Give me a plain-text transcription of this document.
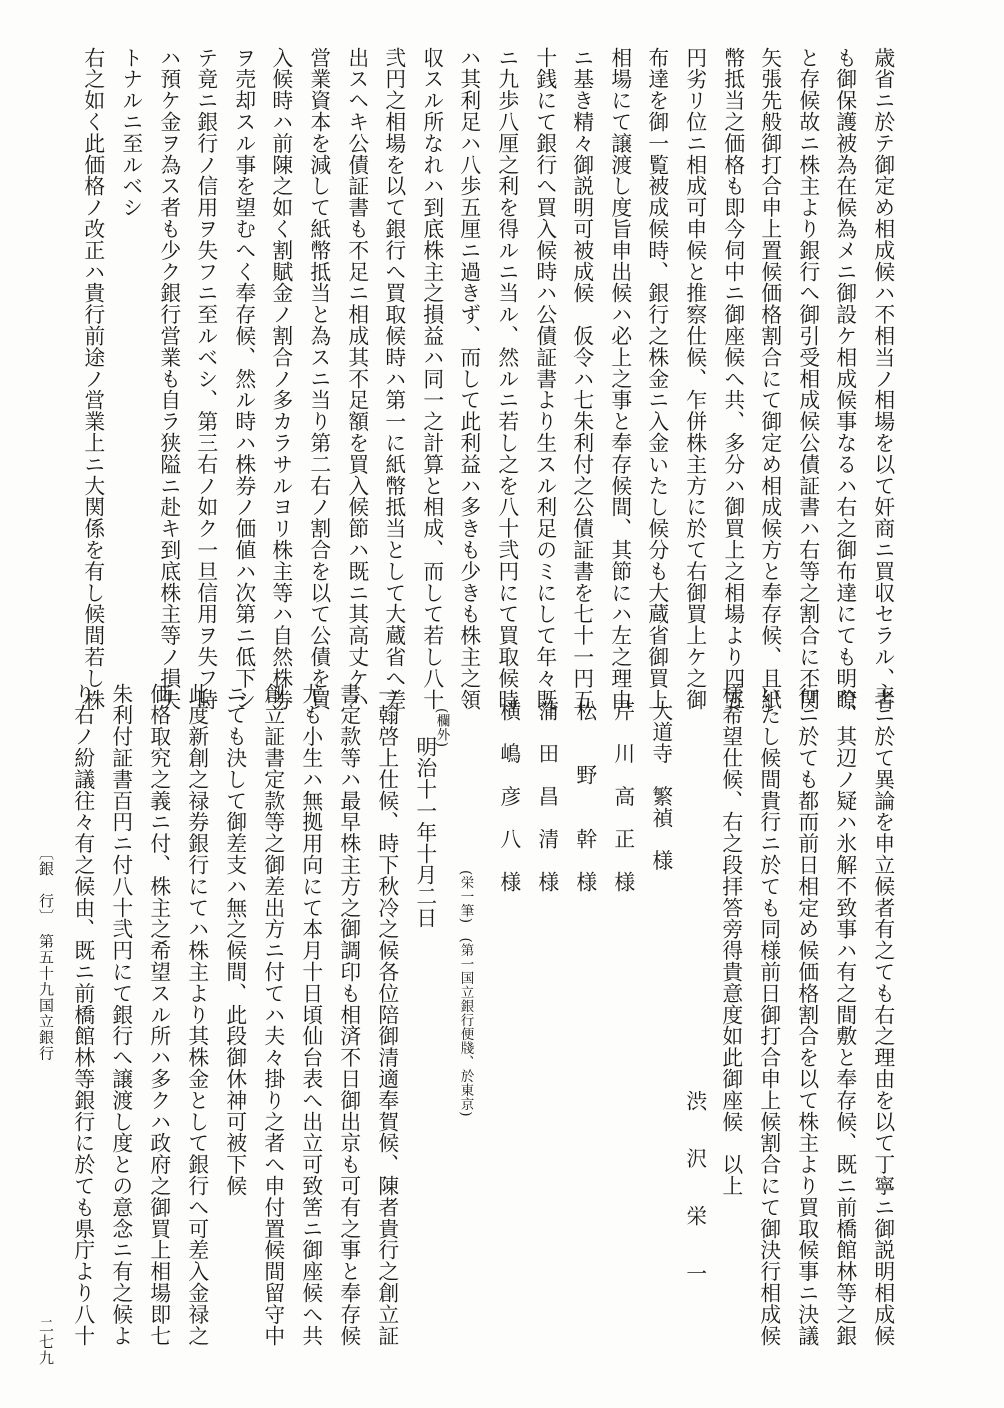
歳省ニ於テ御定め相成候ハ不相当ノ相場を以て奸商ニ買収セラル、者
も御保護被為在候為メニ御設ケ相成候事なるハ右之御布達にても明瞭
と存候故ニ株主より銀行へ御引受相成候公債証書ハ右等之割合に不関
矢張先般御打合申上置候価格割合にて御定め相成候方と奉存候、且紙
幣抵当之価格も即今伺中ニ御座候へ共、多分ハ御買上之相場より四五
円劣リ位ニ相成可申候と推察仕候、乍併株主方に於て右御買上ケ之御
布達を御一覧被成候時、銀行之株金ニ入金いたし候分も大蔵省御買上
相場にて譲渡し度旨申出候ハ必上之事と奉存候間、其節にハ左之理由
ニ基き精々御説明可被成候　仮令ハ七朱利付之公債証書を七十一円五
十銭にて銀行へ買入候時ハ公債証書より生スル利足のミにして年々既
ニ九歩八厘之利を得ルニ当ル、然ルニ若し之を八十弐円にて買取候時
ハ其利足ハ八歩五厘ニ過きず、而して此利益ハ多きも少きも株主之領
収スル所なれハ到底株主之損益ハ同一之計算と相成、而して若し八十
弐円之相場を以て銀行へ買取候時ハ第一に紙幣抵当として大蔵省へ差
出スヘキ公債証書も不足ニ相成其不足額を買入候節ハ既ニ其高丈ケハ
営業資本を減して紙幣抵当と為スニ当り第二右ノ割合を以て公債を買
入候時ハ前陳之如く割賦金ノ割合ノ多カラサルヨリ株主等ハ自然株券
ヲ売却スル事を望むへく奉存候、然ル時ハ株券ノ価値ハ次第ニ低下シ
テ竟ニ銀行ノ信用ヲ失フニ至ルベシ、第三右ノ如ク一旦信用ヲ失フ時
ハ預ケ金ヲ為ス者も少ク銀行営業も自ラ狭隘ニ赴キ到底株主等ノ損失
トナルニ至ルベシ
右之如く此価格ノ改正ハ貴行前途ノ営業上ニ大関係を有し候間若し株
主ニ於て異論を申立候者有之ても右之理由を以て丁寧ニ御説明相成候
ハ、其辺ノ疑ハ氷解不致事ハ有之間敷と奉存候、既ニ前橋館林等之銀
行ニ於ても都而前日相定め候価格割合を以て株主より買取候事ニ決議
いたし候間貴行ニ於ても同様前日御打合申上候割合にて御決行相成候
様希望仕候、右之段拝答旁得貴意度如此御座候　以上
渋　沢　栄　一
大道寺　繁禎　様
芹　川　高　正　様
松　　野　　幹　様
蒲　田　昌　清　様
横　嶋　彦　八　様
(栄一筆)　(第一国立銀行便牋、於東京)
(欄外)
明治十一年十月二日
一翰啓上仕候、時下秋冷之候各位陪御清適奉賀候、陳者貴行之創立証
書定款等ハ最早株主方之御調印も相済不日御出京も可有之事と奉存候
尤も小生ハ無拠用向にて本月十日頃仙台表へ出立可致筈ニ御座候へ共
創立証書定款等之御差出方ニ付てハ夫々掛り之者へ申付置候間留守中
ニても決して御差支ハ無之候間、此段御休神可被下候
此度新創之禄券銀行にてハ株主より其株金として銀行へ可差入金禄之
価格取究之義ニ付、株主之希望スル所ハ多クハ政府之御買上相場即七
朱利付証書百円ニ付八十弐円にて銀行へ譲渡し度との意念ニ有之候よ
り右ノ紛議往々有之候由、既ニ前橋館林等銀行に於ても県庁より八十
〔銀　行〕　第五十九国立銀行
二七九
